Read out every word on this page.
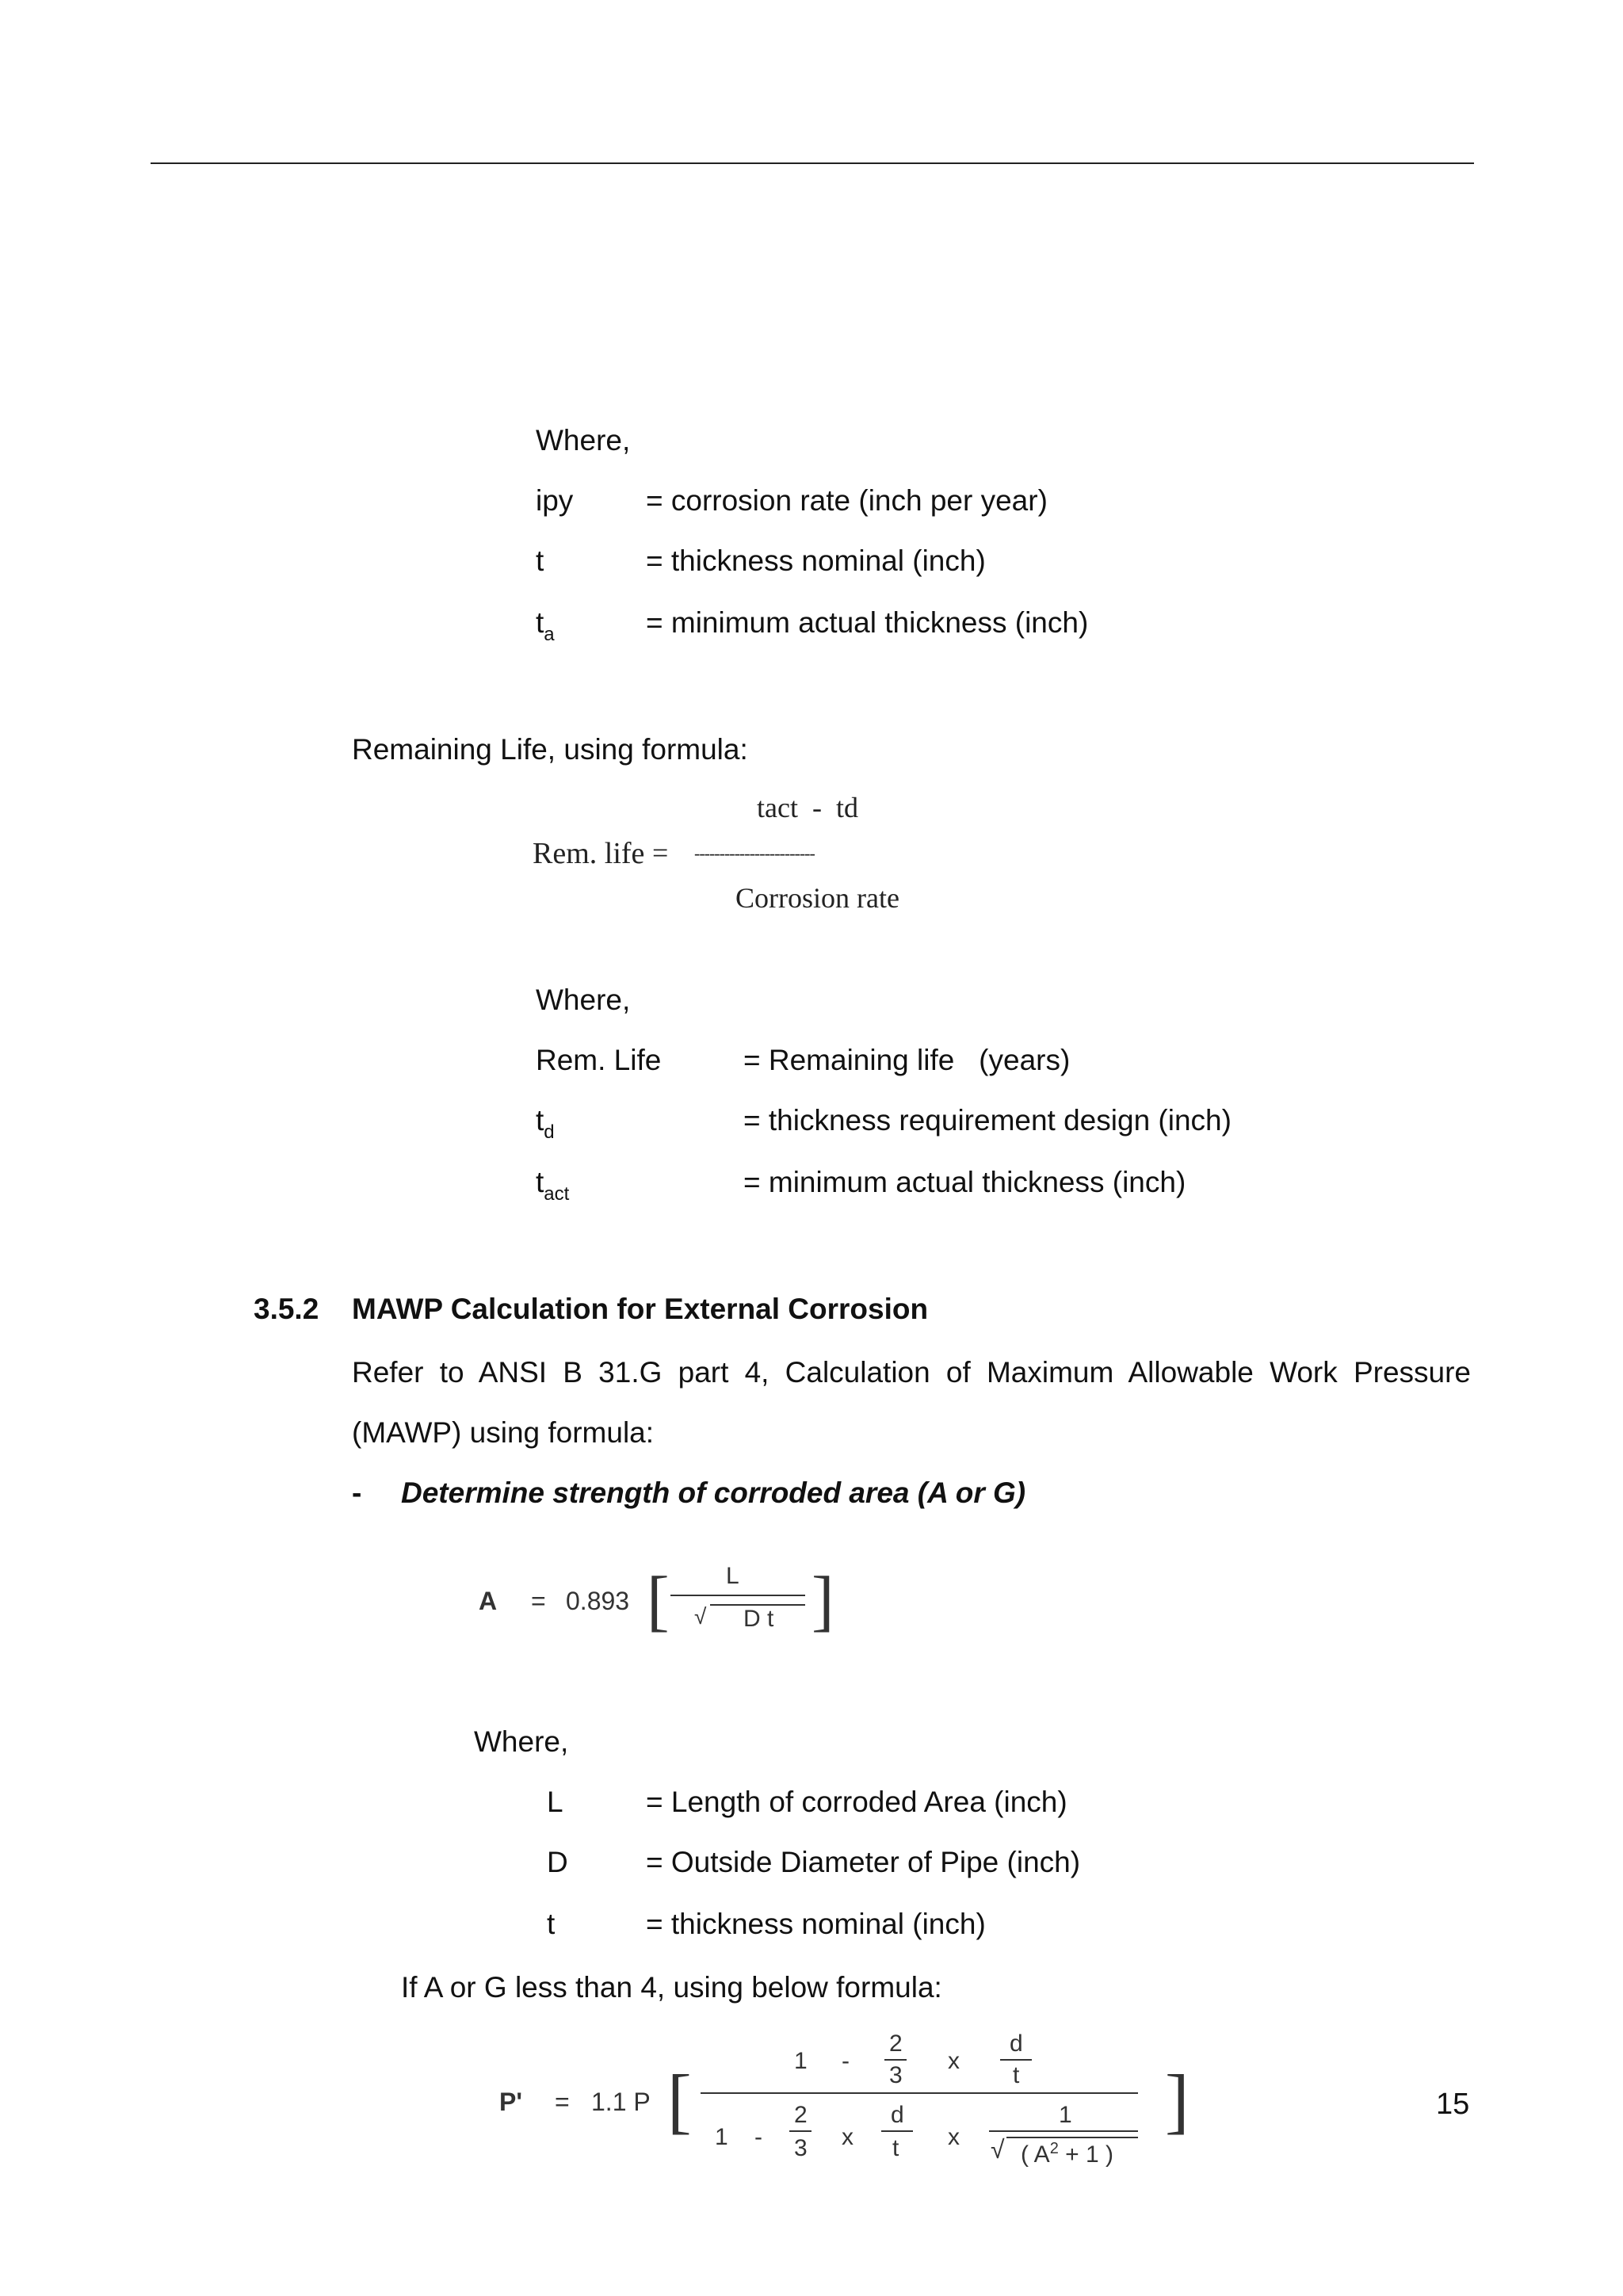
Where,
ipy = corrosion rate (inch per year)
t	= thickness nominal (inch)
$t_a$	= minimum actual thickness (inch)
Remaining Life, using formula:
tact  -  td
Rem. life = ------------------------
Corrosion rate
Where,
Rem. Life	= Remaining life   (years)
$t_d$	= thickness requirement design (inch)
$t_{act}$	= minimum actual thickness (inch)
3.5.2 MAWP Calculation for External Corrosion
Refer to ANSI B 31.G part 4, Calculation of Maximum Allowable Work Pressure
(MAWP) using formula:
- Determine strength of corroded area (A or G)
A = 0.893 [ L
√ D t ]
Where,
L	= Length of corroded Area (inch)
D	= Outside Diameter of Pipe (inch)
t	= thickness nominal (inch)
If A or G less than 4, using below formula:
P' = 1.1 P [	1 -
2
3
x
d
t
1 -
2
3 x
d
t x
1
√ ( $A^2 + 1$ )
]	15
